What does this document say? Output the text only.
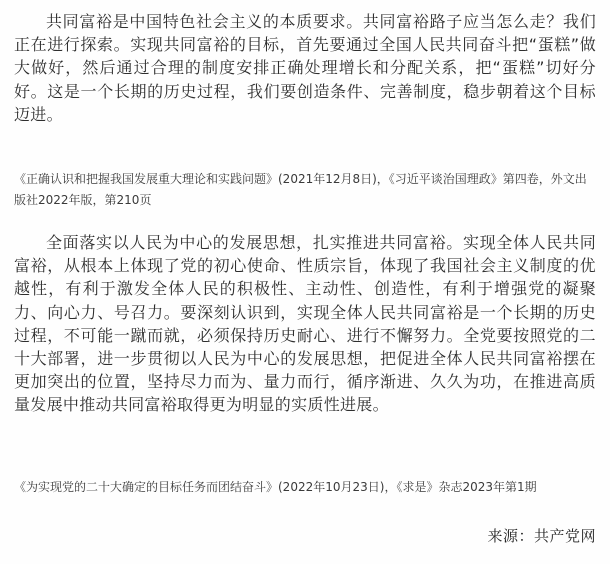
共同富裕是中国特色社会主义的本质要求。共同富裕路子应当怎么走？我们正在进行探索。实现共同富裕的目标，首先要通过全国人民共同奋斗把“蛋糕”做大做好，然后通过合理的制度安排正确处理增长和分配关系，把“蛋糕”切好分好。这是一个长期的历史过程，我们要创造条件、完善制度，稳步朝着这个目标迈进。

《正确认识和把握我国发展重大理论和实践问题》(2021年12月8日)，《习近平谈治国理政》第四卷，外文出版社2022年版，第210页

全面落实以人民为中心的发展思想，扎实推进共同富裕。实现全体人民共同富裕，从根本上体现了党的初心使命、性质宗旨，体现了我国社会主义制度的优越性，有利于激发全体人民的积极性、主动性、创造性，有利于增强党的凝聚力、向心力、号召力。要深刻认识到，实现全体人民共同富裕是一个长期的历史过程，不可能一蹴而就，必须保持历史耐心、进行不懈努力。全党要按照党的二十大部署，进一步贯彻以人民为中心的发展思想，把促进全体人民共同富裕摆在更加突出的位置，坚持尽力而为、量力而行，循序渐进、久久为功，在推进高质量发展中推动共同富裕取得更为明显的实质性进展。

《为实现党的二十大确定的目标任务而团结奋斗》(2022年10月23日)，《求是》杂志2023年第1期

来源：共产党网
